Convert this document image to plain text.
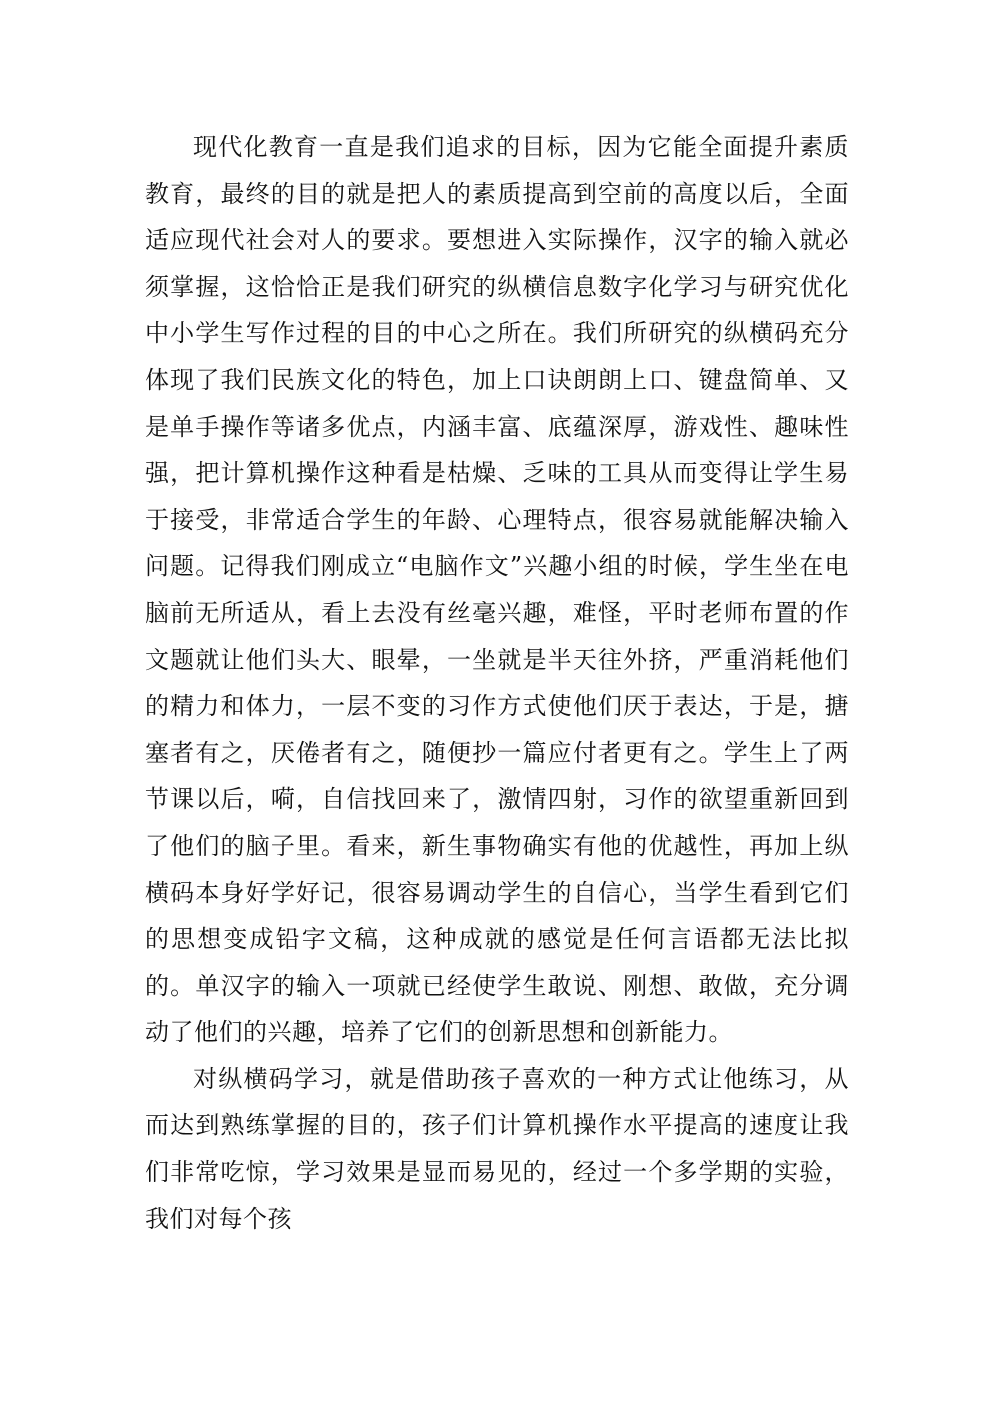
现代化教育一直是我们追求的目标，因为它能全面提升素质教育，最终的目的就是把人的素质提高到空前的高度以后，全面适应现代社会对人的要求。要想进入实际操作，汉字的输入就必须掌握，这恰恰正是我们研究的纵横信息数字化学习与研究优化中小学生写作过程的目的中心之所在。我们所研究的纵横码充分体现了我们民族文化的特色，加上口诀朗朗上口、键盘简单、又是单手操作等诸多优点，内涵丰富、底蕴深厚，游戏性、趣味性强，把计算机操作这种看是枯燥、乏味的工具从而变得让学生易于接受，非常适合学生的年龄、心理特点，很容易就能解决输入问题。记得我们刚成立“电脑作文”兴趣小组的时候，学生坐在电脑前无所适从，看上去没有丝毫兴趣，难怪，平时老师布置的作文题就让他们头大、眼晕，一坐就是半天往外挤，严重消耗他们的精力和体力，一层不变的习作方式使他们厌于表达，于是，搪塞者有之，厌倦者有之，随便抄一篇应付者更有之。学生上了两节课以后，嗬，自信找回来了，激情四射，习作的欲望重新回到了他们的脑子里。看来，新生事物确实有他的优越性，再加上纵横码本身好学好记，很容易调动学生的自信心，当学生看到它们的思想变成铅字文稿，这种成就的感觉是任何言语都无法比拟的。单汉字的输入一项就已经使学生敢说、刚想、敢做，充分调动了他们的兴趣，培养了它们的创新思想和创新能力。

对纵横码学习，就是借助孩子喜欢的一种方式让他练习，从而达到熟练掌握的目的，孩子们计算机操作水平提高的速度让我们非常吃惊，学习效果是显而易见的，经过一个多学期的实验，我们对每个孩
